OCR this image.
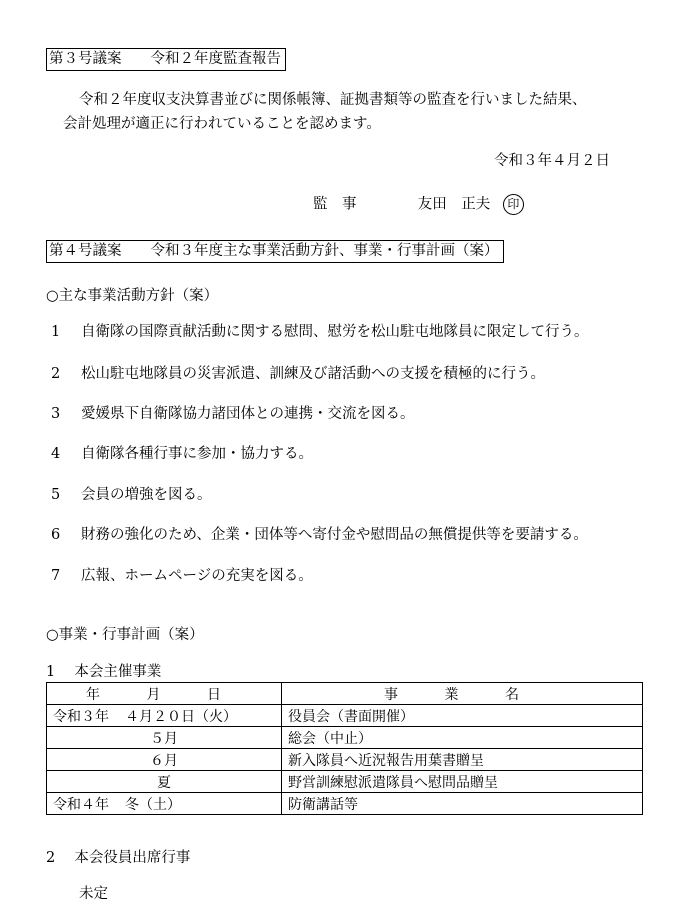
第３号議案　　令和２年度監査報告
令和２年度収支決算書並びに関係帳簿、証拠書類等の監査を行いました結果、
会計処理が適正に行われていることを認めます。
令和３年４月２日
監　事	友田　正夫 印
第４号議案　　令和３年度主な事業活動方針、事業・行事計画（案）
○主な事業活動方針（案）
1 自衛隊の国際貢献活動に関する慰問、慰労を松山駐屯地隊員に限定して行う。
2 松山駐屯地隊員の災害派遣、訓練及び諸活動への支援を積極的に行う。
3 愛媛県下自衛隊協力諸団体との連携・交流を図る。
4 自衛隊各種行事に参加・協力する。
5 会員の増強を図る。
6 財務の強化のため、企業・団体等へ寄付金や慰問品の無償提供等を要請する。
7 広報、ホームページの充実を図る。
○事業・行事計画（案）
1　 本会主催事業
年 月 日	事 業 名
令和３年 ４月２０日（火）	役員会（書面開催）

５月	総会（中止）

６月	新入隊員へ近況報告用葉書贈呈

夏	野営訓練慰派遣隊員へ慰問品贈呈
令和４年 冬（土）	防衛講話等
2　 本会役員出席行事
未定
